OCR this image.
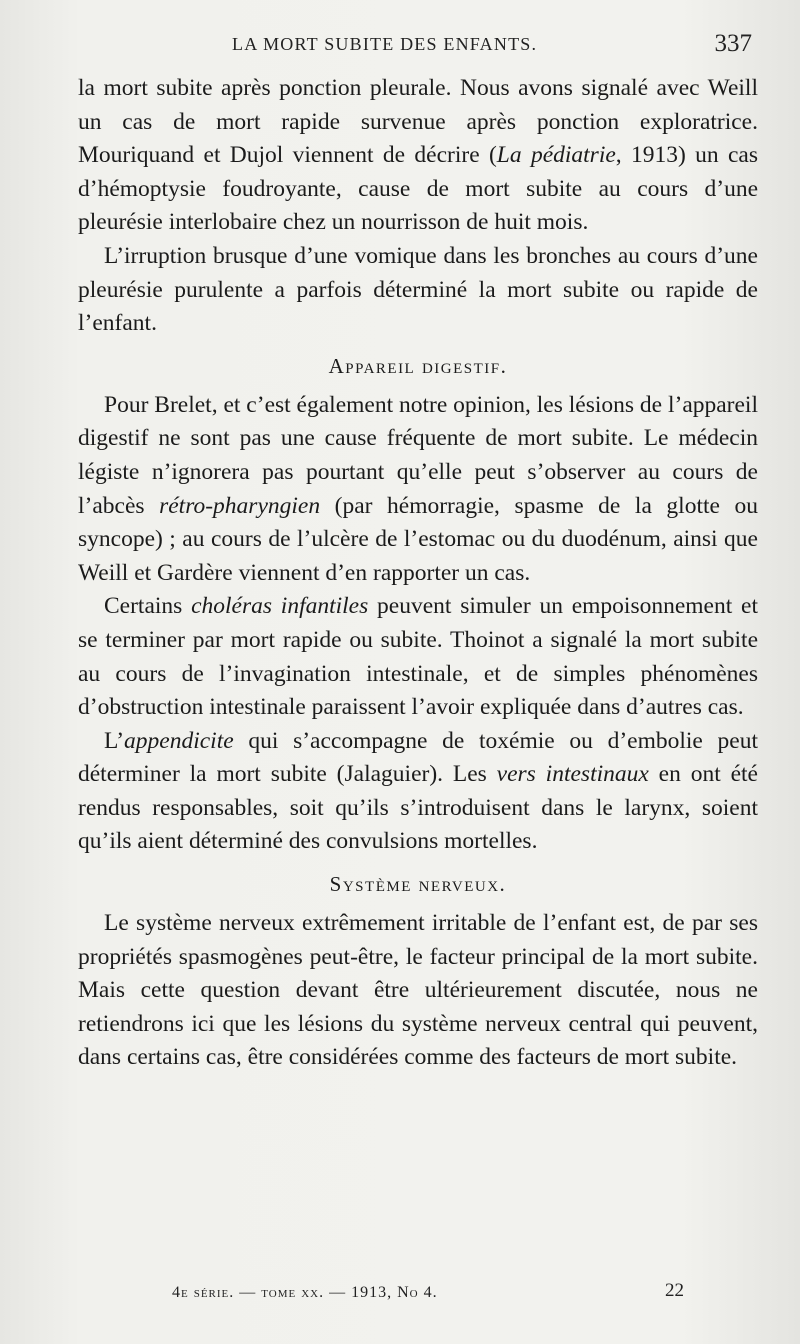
LA MORT SUBITE DES ENFANTS.	337

la mort subite après ponction pleurale. Nous avons signalé avec Weill un cas de mort rapide survenue après ponction exploratrice. Mouriquand et Dujol viennent de décrire (La pédiatrie, 1913) un cas d’hémoptysie foudroyante, cause de mort subite au cours d’une pleurésie interlobaire chez un nourrisson de huit mois.

L’irruption brusque d’une vomique dans les bronches au cours d’une pleurésie purulente a parfois déterminé la mort subite ou rapide de l’enfant.

Appareil digestif.

Pour Brelet, et c’est également notre opinion, les lésions de l’appareil digestif ne sont pas une cause fréquente de mort subite. Le médecin légiste n’ignorera pas pourtant qu’elle peut s’observer au cours de l’abcès rétro-pharyngien (par hémorragie, spasme de la glotte ou syncope) ; au cours de l’ulcère de l’estomac ou du duodénum, ainsi que Weill et Gardère viennent d’en rapporter un cas.

Certains choléras infantiles peuvent simuler un empoisonnement et se terminer par mort rapide ou subite. Thoinot a signalé la mort subite au cours de l’invagination intestinale, et de simples phénomènes d’obstruction intestinale paraissent l’avoir expliquée dans d’autres cas.

L’appendicite qui s’accompagne de toxémie ou d’embolie peut déterminer la mort subite (Jalaguier). Les vers intestinaux en ont été rendus responsables, soit qu’ils s’introduisent dans le larynx, soient qu’ils aient déterminé des convulsions mortelles.

Système nerveux.

Le système nerveux extrêmement irritable de l’enfant est, de par ses propriétés spasmogènes peut-être, le facteur principal de la mort subite. Mais cette question devant être ultérieurement discutée, nous ne retiendrons ici que les lésions du système nerveux central qui peuvent, dans certains cas, être considérées comme des facteurs de mort subite.

4e série. — tome xx. — 1913, No 4.	22
